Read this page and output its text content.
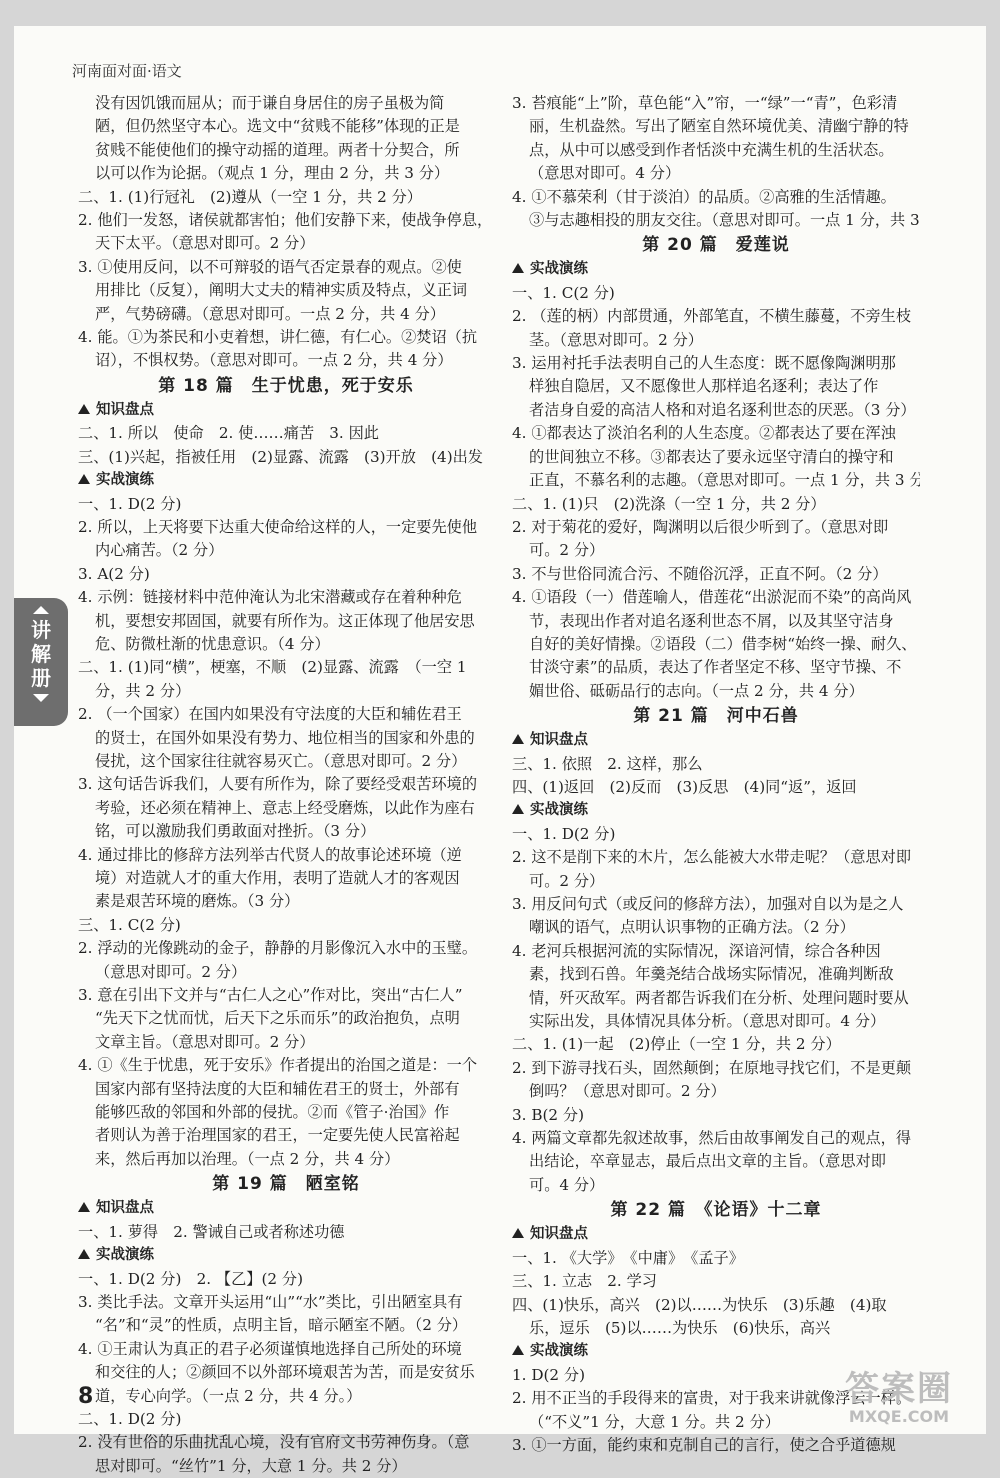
河南面对面·语文
没有因饥饿而屈从；而于谦自身居住的房子虽极为简
陋，但仍然坚守本心。选文中“贫贱不能移”体现的正是
贫贱不能使他们的操守动摇的道理。两者十分契合，所
以可以作为论据。（观点 1 分，理由 2 分，共 3 分）
二、1. (1)行冠礼　(2)遵从（一空 1 分，共 2 分）
2. 他们一发怒，诸侯就都害怕；他们安静下来，使战争停息，
天下太平。（意思对即可。2 分）
3. ①使用反问，以不可辩驳的语气否定景春的观点。②使
用排比（反复），阐明大丈夫的精神实质及特点，义正词
严，气势磅礴。（意思对即可。一点 2 分，共 4 分）
4. 能。①为茶民和小吏着想，讲仁德，有仁心。②焚诏（抗
诏），不惧权势。（意思对即可。一点 2 分，共 4 分）
第 18 篇　生于忧患，死于安乐
知识盘点
二、1. 所以　使命　2. 使……痛苦　3. 因此
三、(1)兴起，指被任用　(2)显露、流露　(3)开放　(4)出发
实战演练
一、1. D(2 分)
2. 所以，上天将要下达重大使命给这样的人，一定要先使他
内心痛苦。（2 分）
3. A(2 分)
4. 示例：链接材料中范仲淹认为北宋潜藏或存在着种种危
机，要想安邦固国，就要有所作为。这正体现了他居安思
危、防微杜渐的忧患意识。（4 分）
二、1. (1)同“横”，梗塞，不顺　(2)显露、流露　（一空 1
分，共 2 分）
2. （一个国家）在国内如果没有守法度的大臣和辅佐君王
的贤士，在国外如果没有势力、地位相当的国家和外患的
侵扰，这个国家往往就容易灭亡。（意思对即可。2 分）
3. 这句话告诉我们，人要有所作为，除了要经受艰苦环境的
考验，还必须在精神上、意志上经受磨炼，以此作为座右
铭，可以激励我们勇敢面对挫折。（3 分）
4. 通过排比的修辞方法列举古代贤人的故事论述环境（逆
境）对造就人才的重大作用，表明了造就人才的客观因
素是艰苦环境的磨炼。（3 分）
三、1. C(2 分)
2. 浮动的光像跳动的金子，静静的月影像沉入水中的玉璧。
（意思对即可。2 分）
3. 意在引出下文并与“古仁人之心”作对比，突出“古仁人”
“先天下之忧而忧，后天下之乐而乐”的政治抱负，点明
文章主旨。（意思对即可。2 分）
4. ①《生于忧患，死于安乐》作者提出的治国之道是：一个
国家内部有坚持法度的大臣和辅佐君王的贤士，外部有
能够匹敌的邻国和外部的侵扰。②而《管子·治国》作
者则认为善于治理国家的君王，一定要先使人民富裕起
来，然后再加以治理。（一点 2 分，共 4 分）
第 19 篇　陋室铭
知识盘点
一、1. 萝得　2. 警诫自己或者称述功德
实战演练
一、1. D(2 分)　2. 【乙】(2 分)
3. 类比手法。文章开头运用“山”“水”类比，引出陋室具有
“名”和“灵”的性质，点明主旨，暗示陋室不陋。（2 分）
4. ①王肃认为真正的君子必须谨慎地选择自己所处的环境
和交往的人；②颜回不以外部环境艰苦为苦，而是安贫乐
道，专心向学。（一点 2 分，共 4 分。）
二、1. D(2 分)
2. 没有世俗的乐曲扰乱心境，没有官府文书劳神伤身。（意
思对即可。“丝竹”1 分，大意 1 分。共 2 分）
3. 苔痕能“上”阶，草色能“入”帘，一“绿”一“青”，色彩清
丽，生机盎然。写出了陋室自然环境优美、清幽宁静的特
点，从中可以感受到作者恬淡中充满生机的生活状态。
（意思对即可。4 分）
4. ①不慕荣利（甘于淡泊）的品质。②高雅的生活情趣。
③与志趣相投的朋友交往。（意思对即可。一点 1 分，共 3 分）
第 20 篇　爱莲说
实战演练
一、1. C(2 分)
2. （莲的柄）内部贯通，外部笔直，不横生藤蔓，不旁生枝
茎。（意思对即可。2 分）
3. 运用衬托手法表明自己的人生态度：既不愿像陶渊明那
样独自隐居，又不愿像世人那样追名逐利；表达了作
者洁身自爱的高洁人格和对追名逐利世态的厌恶。（3 分）
4. ①都表达了淡泊名利的人生态度。②都表达了要在浑浊
的世间独立不移。③都表达了要永远坚守清白的操守和
正直，不慕名利的志趣。（意思对即可。一点 1 分，共 3 分）
二、1. (1)只　(2)洗涤（一空 1 分，共 2 分）
2. 对于菊花的爱好，陶渊明以后很少听到了。（意思对即
可。2 分）
3. 不与世俗同流合污、不随俗沉浮，正直不阿。（2 分）
4. ①语段（一）借莲喻人，借莲花“出淤泥而不染”的高尚风
节，表现出作者对追名逐利世态不屑，以及其坚守洁身
自好的美好情操。②语段（二）借李树“始终一操、耐久、
甘淡守素”的品质，表达了作者坚定不移、坚守节操、不
媚世俗、砥砺品行的志向。（一点 2 分，共 4 分）
第 21 篇　河中石兽
知识盘点
三、1. 依照　2. 这样，那么
四、(1)返回　(2)反而　(3)反思　(4)同“返”，返回
实战演练
一、1. D(2 分)
2. 这不是削下来的木片，怎么能被大水带走呢？（意思对即
可。2 分）
3. 用反问句式（或反问的修辞方法），加强对自以为是之人
嘲讽的语气，点明认识事物的正确方法。（2 分）
4. 老河兵根据河流的实际情况，深谙河情，综合各种因
素，找到石兽。年羹尧结合战场实际情况，准确判断敌
情，歼灭敌军。两者都告诉我们在分析、处理问题时要从
实际出发，具体情况具体分析。（意思对即可。4 分）
二、1. (1)一起　(2)停止（一空 1 分，共 2 分）
2. 到下游寻找石头，固然颠倒；在原地寻找它们，不是更颠
倒吗？（意思对即可。2 分）
3. B(2 分)
4. 两篇文章都先叙述故事，然后由故事阐发自己的观点，得
出结论，卒章显志，最后点出文章的主旨。（意思对即
可。4 分）
第 22 篇　《论语》十二章
知识盘点
一、1. 《大学》　《中庸》　《孟子》
三、1. 立志　2. 学习
四、(1)快乐，高兴　(2)以……为快乐　(3)乐趣　(4)取
乐，逗乐　(5)以……为快乐　(6)快乐，高兴
实战演练
1. D(2 分)
2. 用不正当的手段得来的富贵，对于我来讲就像浮云一样。
（“不义”1 分，大意 1 分。共 2 分）
3. ①一方面，能约束和克制自己的言行，使之合乎道德规
讲
解
册
8	答案圈
MXQE.COM
